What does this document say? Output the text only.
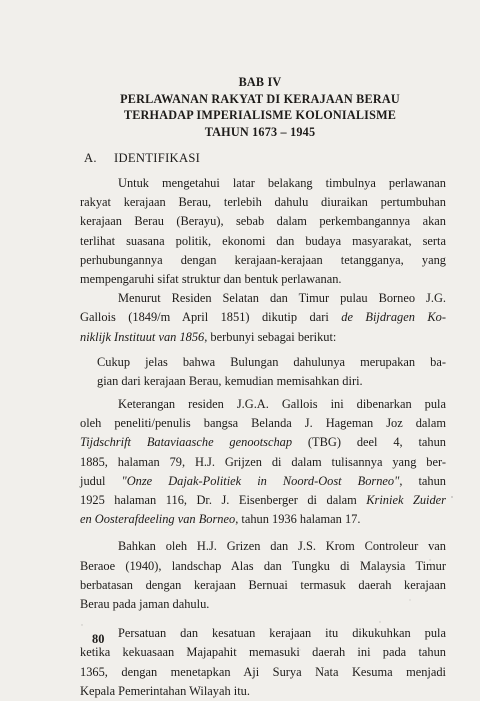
BAB IV
PERLAWANAN RAKYAT DI KERAJAAN BERAU
TERHADAP IMPERIALISME KOLONIALISME
TAHUN 1673 – 1945
A. IDENTIFIKASI
Untuk mengetahui latar belakang timbulnya perlawanan
rakyat kerajaan Berau, terlebih dahulu diuraikan pertumbuhan
kerajaan Berau (Berayu), sebab dalam perkembangannya akan
terlihat suasana politik, ekonomi dan budaya masyarakat, serta
perhubungannya dengan kerajaan-kerajaan tetangganya, yang
mempengaruhi sifat struktur dan bentuk perlawanan.
Menurut Residen Selatan dan Timur pulau Borneo J.G.
Gallois (1849/m April 1851) dikutip dari de Bijdragen Ko-
niklijk Instituut van 1856, berbunyi sebagai berikut:
Cukup jelas bahwa Bulungan dahulunya merupakan ba-
gian dari kerajaan Berau, kemudian memisahkan diri.
Keterangan residen J.G.A. Gallois ini dibenarkan pula
oleh peneliti/penulis bangsa Belanda J. Hageman Joz dalam
Tijdschrift Bataviaasche genootschap (TBG) deel 4, tahun
1885, halaman 79, H.J. Grijzen di dalam tulisannya yang ber-
judul "Onze Dajak-Politiek in Noord-Oost Borneo", tahun
1925 halaman 116, Dr. J. Eisenberger di dalam Kriniek Zuider
en Oosterafdeeling van Borneo, tahun 1936 halaman 17.
Bahkan oleh H.J. Grizen dan J.S. Krom Controleur van
Beraoe (1940), landschap Alas dan Tungku di Malaysia Timur
berbatasan dengan kerajaan Bernuai termasuk daerah kerajaan
Berau pada jaman dahulu.
Persatuan dan kesatuan kerajaan itu dikukuhkan pula
ketika kekuasaan Majapahit memasuki daerah ini pada tahun
1365, dengan menetapkan Aji Surya Nata Kesuma menjadi
Kepala Pemerintahan Wilayah itu.
80
